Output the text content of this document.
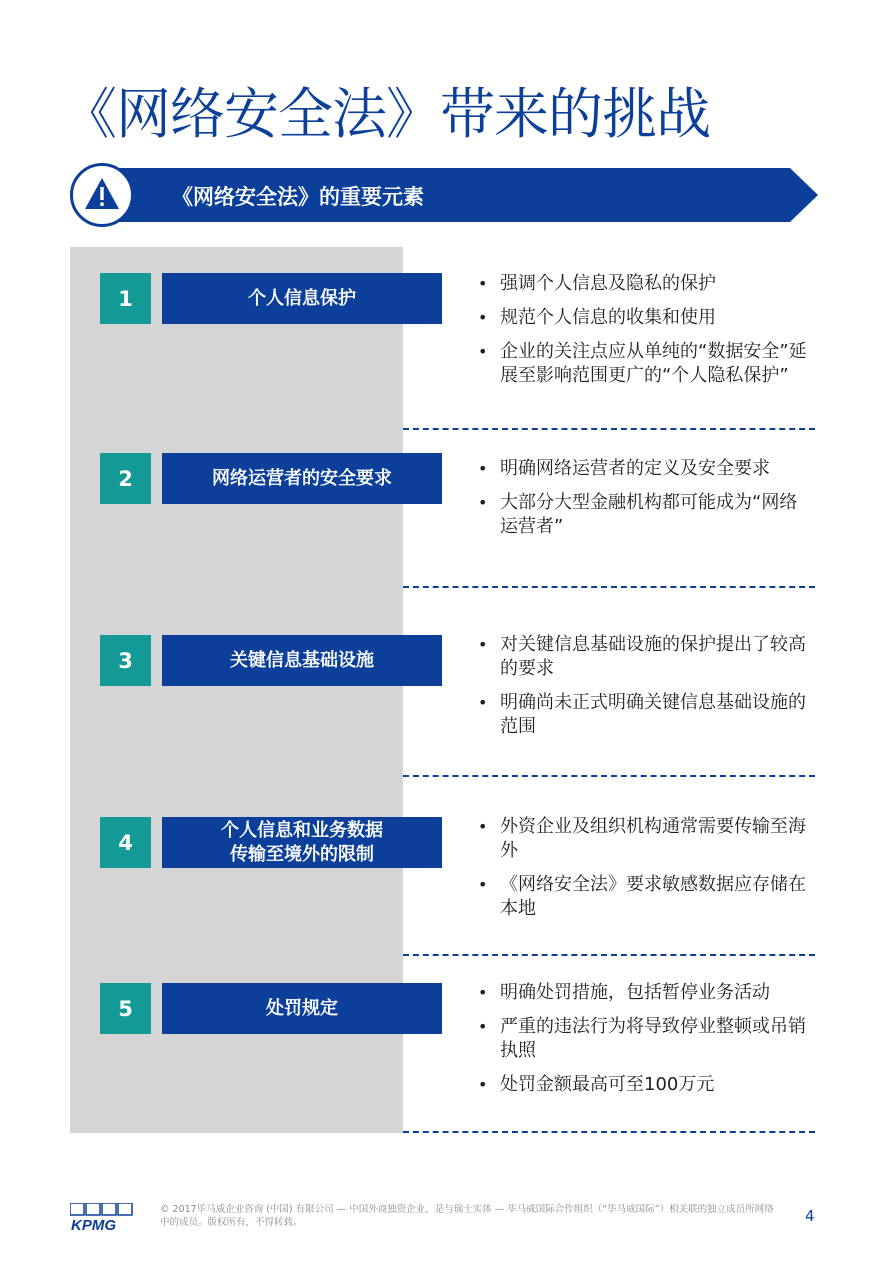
《网络安全法》带来的挑战
《网络安全法》的重要元素
1	个人信息保护
• 强调个人信息及隐私的保护
• 规范个人信息的收集和使用
• 企业的关注点应从单纯的“数据安全”延展至影响范围更广的“个人隐私保护”
2	网络运营者的安全要求
•	明确网络运营者的定义及安全要求
• 大部分大型金融机构都可能成为“网络运营者”
3	关键信息基础设施
• 对关键信息基础设施的保护提出了较高的要求
• 明确尚未正式明确关键信息基础设施的范围
4
个人信息和业务数据
传输至境外的限制
• 外资企业及组织机构通常需要传输至海外
• 《网络安全法》要求敏感数据应存储在本地
5	处罚规定
• 明确处罚措施，包括暂停业务活动
• 严重的违法行为将导致停业整顿或吊销执照
• 处罚金额最高可至100万元
KPMG
© 2017毕马威企业咨询 (中国) 有限公司 — 中国外商独资企业，是与瑞士实体 — 毕马威国际合作组织（“毕马威国际”）相关联的独立成员所网络中的成员。版权所有，不得转载。	4
